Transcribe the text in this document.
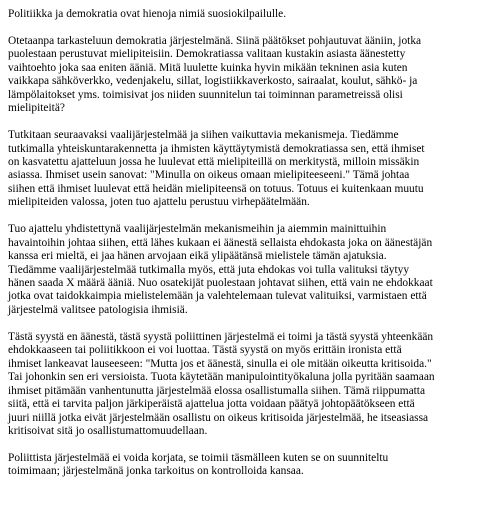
Politiikka ja demokratia ovat hienoja nimiä suosiokilpailulle.

Otetaanpa tarkasteluun demokratia järjestelmänä. Siinä päätökset pohjautuvat ääniin, jotka
puolestaan perustuvat mielipiteisiin. Demokratiassa valitaan kustakin asiasta äänestetty
vaihtoehto joka saa eniten ääniä. Mitä luulette kuinka hyvin mikään tekninen asia kuten
vaikkapa sähköverkko, vedenjakelu, sillat, logistiikkaverkosto, sairaalat, koulut, sähkö- ja
lämpölaitokset yms. toimisivat jos niiden suunnitelun tai toiminnan parametreissä olisi
mielipiteitä?

Tutkitaan seuraavaksi vaalijärjestelmää ja siihen vaikuttavia mekanismeja. Tiedämme
tutkimalla yhteiskuntarakennetta ja ihmisten käyttäytymistä demokratiassa sen, että ihmiset
on kasvatettu ajatteluun jossa he luulevat että mielipiteillä on merkitystä, milloin missäkin
asiassa. Ihmiset usein sanovat: "Minulla on oikeus omaan mielipiteeseeni." Tämä johtaa
siihen että ihmiset luulevat että heidän mielipiteensä on totuus. Totuus ei kuitenkaan muutu
mielipiteiden valossa, joten tuo ajattelu perustuu virhepäätelmään.

Tuo ajattelu yhdistettynä vaalijärjestelmän mekanismeihin ja aiemmin mainittuihin
havaintoihin johtaa siihen, että lähes kukaan ei äänestä sellaista ehdokasta joka on äänestäjän
kanssa eri mieltä, ei jaa hänen arvojaan eikä ylipäätänsä mielistele tämän ajatuksia.
Tiedämme vaalijärjestelmää tutkimalla myös, että juta ehdokas voi tulla valituksi täytyy
hänen saada X määrä ääniä. Nuo osatekijät puolestaan johtavat siihen, että vain ne ehdokkaat
jotka ovat taidokkaimpia mielistelemään ja valehtelemaan tulevat valituiksi, varmistaen että
järjestelmä valitsee patologisia ihmisiä.

Tästä syystä en äänestä, tästä syystä poliittinen järjestelmä ei toimi ja tästä syystä yhteenkään
ehdokkaaseen tai poliitikkoon ei voi luottaa. Tästä syystä on myös erittäin ironista että
ihmiset lankeavat lauseeseen: "Mutta jos et äänestä, sinulla ei ole mitään oikeutta kritisoida."
Tai johonkin sen eri versioista. Tuota käytetään manipulointityökaluna jolla pyritään saamaan
ihmiset pitämään vanhentunutta järjestelmää elossa osallistumalla siihen. Tämä riippumatta
siitä, että ei tarvita paljon järkiperäistä ajattelua jotta voidaan päätyä johtopäätökseen että
juuri niillä jotka eivät järjestelmään osallistu on oikeus kritisoida järjestelmää, he itseasiassa
kritisoivat sitä jo osallistumattomuudellaan.

Poliittista järjestelmää ei voida korjata, se toimii täsmälleen kuten se on suunniteltu
toimimaan; järjestelmänä jonka tarkoitus on kontrolloida kansaa.
